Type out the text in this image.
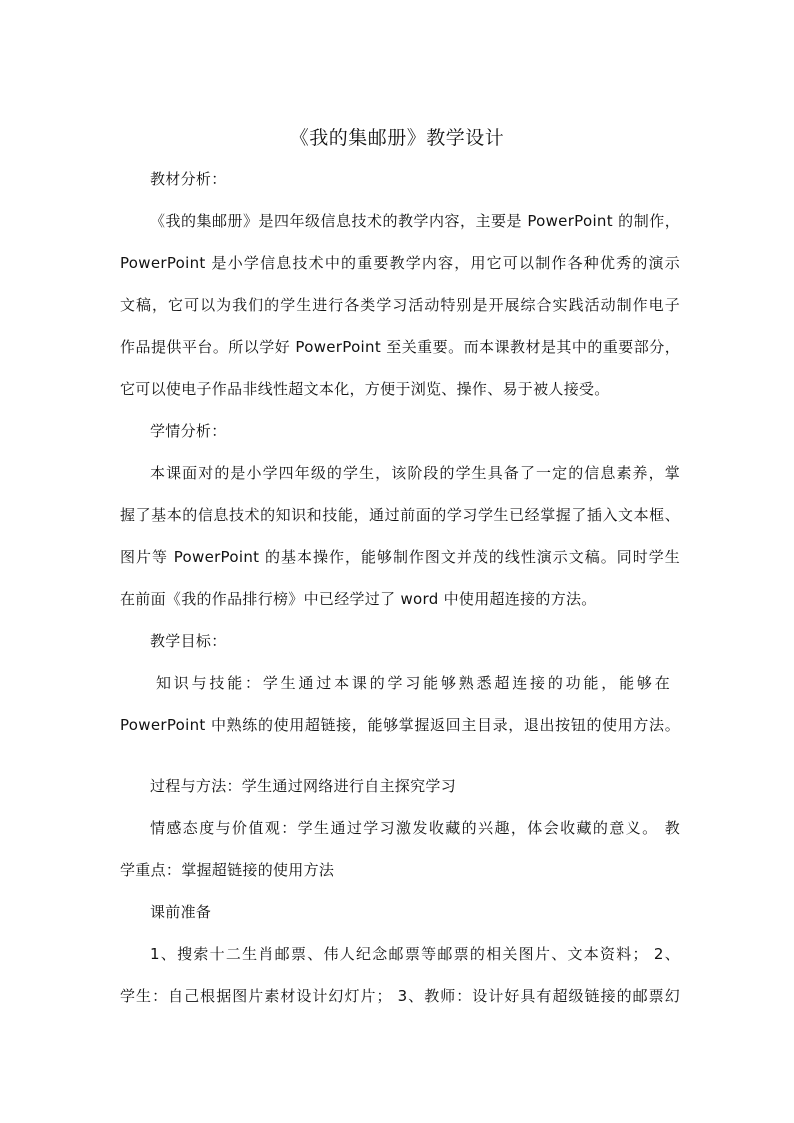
《我的集邮册》教学设计
教材分析：
《我的集邮册》是四年级信息技术的教学内容，主要是 PowerPoint 的制作，
PowerPoint 是小学信息技术中的重要教学内容，用它可以制作各种优秀的演示
文稿，它可以为我们的学生进行各类学习活动特别是开展综合实践活动制作电子
作品提供平台。所以学好 PowerPoint 至关重要。而本课教材是其中的重要部分，
它可以使电子作品非线性超文本化，方便于浏览、操作、易于被人接受。
学情分析：
本课面对的是小学四年级的学生，该阶段的学生具备了一定的信息素养，掌
握了基本的信息技术的知识和技能，通过前面的学习学生已经掌握了插入文本框、
图片等 PowerPoint 的基本操作，能够制作图文并茂的线性演示文稿。同时学生
在前面《我的作品排行榜》中已经学过了 word 中使用超连接的方法。
教学目标：
知识与技能：学生通过本课的学习能够熟悉超连接的功能，能够在
PowerPoint 中熟练的使用超链接，能够掌握返回主目录，退出按钮的使用方法。
过程与方法：学生通过网络进行自主探究学习
情感态度与价值观：学生通过学习激发收藏的兴趣，体会收藏的意义。 教
学重点：掌握超链接的使用方法
课前准备
1、搜索十二生肖邮票、伟人纪念邮票等邮票的相关图片、文本资料； 2、
学生：自己根据图片素材设计幻灯片； 3、教师：设计好具有超级链接的邮票幻
